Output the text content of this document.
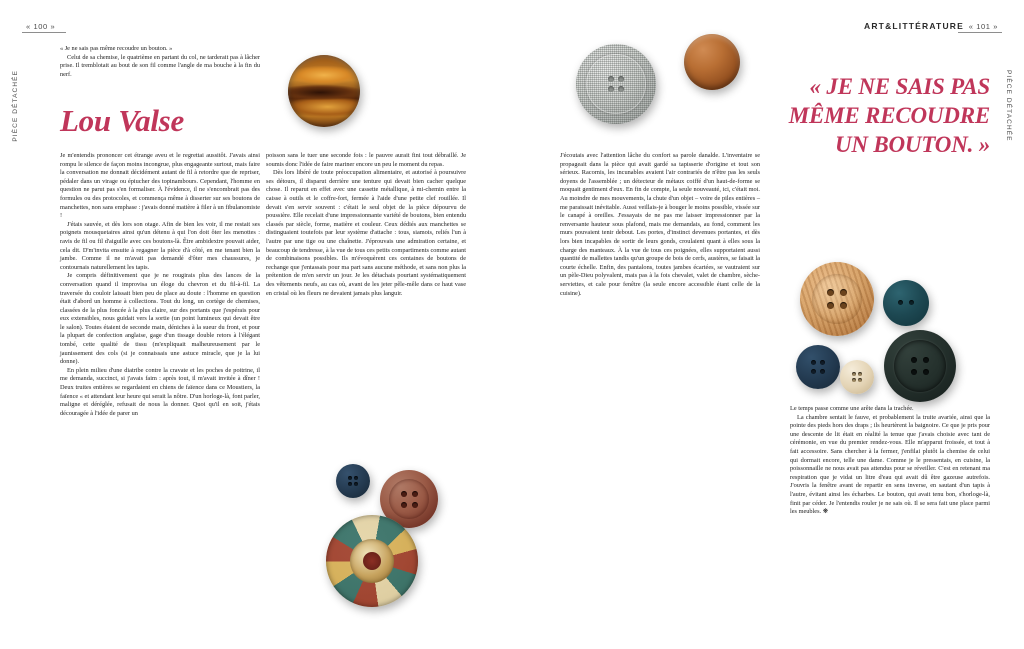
« 100 »
PIÈCE DÉTACHÉE
« 101 »
ART&LITTÉRATURE
PIÈCE DÉTACHÉE

« Je ne sais pas même recoudre un bouton. »

Celui de sa chemise, le quatrième en partant du col, ne tarderait pas à lâcher prise. Il tremblotait au bout de son fil comme l'angle de ma bouche à la fin du nerf.

Lou Valse

Je m'entendis prononcer cet étrange aveu et le regrettai aussitôt. J'avais ainsi rompu le silence de façon moins incongrue, plus engageante surtout, mais faire la conversation me donnait décidément autant de fil à retordre que de repriser, pédaler dans un virage ou épiucher des topinambours. Cependant, l'homme en question ne parut pas s'en formaliser. À l'évidence, il ne s'encombrait pas des formules ou des protocoles, et commença même à disserter sur ses boutons de manchettes, non sans emphase : j'avais donné matière à filer à un fibulanomiste !

J'étais sauvée, et dès lors son otage. Afin de bien les voir, il me restait ses poignets mousquetaires ainsi qu'un détenu à qui l'on doit ôter les menottes : ravis de fil ou fil d'aiguille avec ces boutons-là. Être ambidextre pouvait aider, cela dit. D'm'invita ensuite à regagner la pièce d'à côté, en me tenant bien la jambe. Comme il ne m'avait pas demandé d'ôter mes chaussures, je contournais naturellement les tapis.

Je compris définitivement que je ne rougirais plus des lances de la conversation quand il improvisa un éloge du chevron et du fil-à-fil. La traversée du couloir laissait bien peu de place au doute : l'homme en question était d'abord un homme à collections. Tout du long, un cortège de chemises, classées de la plus foncée à la plus claire, sur des portants que j'espérais pour eux extensibles, nous guidait vers la sortie (un point lumineux qui devait être le salon). Toutes étaient de seconde main, déniches à la sueur du front, et pour la plupart de confection anglaise, gage d'un tissage double retors à l'élégant tombé, cette qualité de tissu (m'expliquait malheureusement par le jaunissement des cols (si je connaissais une astuce miracle, que je la lui donne).

En plein milieu d'une diatribe contre la cravate et les poches de poitrine, il me demanda, succinct, si j'avais faim : après tout, il m'avait invitée à dîner ! Deux truites entières se regardaient en chiens de faïence dans ce Moustiers, la faïence « et attendant leur heure qui serait la nôtre. D'un horloge-là, font parler, maligne et déréglée, refusait de nous la donner. Quoi qu'il en soit, j'étais découragée à l'idée de parer un

poisson sans le tuer une seconde fois : le pauvre aurait fini tout débraillé. Je soumis donc l'idée de faire mariner encore un peu le moment du repas.

Dès lors libéré de toute préoccupation alimentaire, et autorisé à poursuivre ses détours, il disparut derrière une tenture qui devait bien cacher quelque chose. Il reparut en effet avec une cassette métallique, à mi-chemin entre la caisse à outils et le coffre-fort, fermée à l'aide d'une petite clef rouillée. Il devait s'en servir souvent : c'était le seul objet de la pièce dépourvu de poussière. Elle recelait d'une impressionnante variété de boutons, bien entendu classés par siècle, forme, matière et couleur. Ceux dédiés aux manchettes se distinguaient toutefois par leur système d'attache : tous, siamois, reliés l'un à l'autre par une tige ou une chaînette. J'éprouvais une admiration certaine, et beaucoup de tendresse, à la vue de tous ces petits compartiments comme autant de combinaisons possibles. Ils m'évoquèrent ces centaines de boutons de rechange que j'entassais pour ma part sans aucune méthode, et sans non plus la prétention de m'en servir un jour. Je les détachais pourtant systématiquement des vêtements neufs, au cas où, avant de les jeter pêle-mêle dans ce haut vase en cristal où les fleurs ne devaient jamais plus languir.

J'écoutais avec l'attention lâche du confort sa parole danalde. L'inventaire se propageait dans la pièce qui avait gardé sa tapisserie d'origine et tout son sérieux. Racornis, les incunables avaient l'air contrariés de n'être pas les seuls doyens de l'assemblée ; un détecteur de métaux coiffé d'un haut-de-forme se moquait gentiment d'eux. En fin de compte, la seule nouveauté, ici, c'était moi. Au moindre de mes mouvements, la chute d'un objet – voire de piles entières – me paraissait inévitable. Aussi veillais-je à bouger le moins possible, vissée sur le canapé à oreilles. J'essayais de ne pas me laisser impressionner par la renversante hauteur sous plafond, mais me demandais, au fond, comment les murs pouvaient tenir debout. Les portes, d'instinct devenues portantes, et dès lors bien incapables de sortir de leurs gonds, croulaient quant à elles sous la charge des manteaux. À la vue de tous ces poignées, elles supportaient aussi quantité de mallettes tandis qu'un groupe de bois de cerfs, austères, se faisait la courte échelle. Enfin, des pantalons, toutes jambes écartées, se vautraient sur un pèle-Dieu polyvalent, mais pas à la fois chevalet, valet de chambre, sèche-serviettes, et cale pour fenêtre (la seule encore accessible étant celle de la cuisine).

« JE NE SAIS PAS MÊME RECOUDRE UN BOUTON. »

Le temps passe comme une arête dans la trachée.

La chambre sentait le fauve, et probablement la truite avariée, ainsi que la pointe des pieds hors des draps ; ils heurtèrent la baignoire. Ce que je pris pour une descente de lit était en réalité la tenue que j'avais choisie avec tant de cérémonie, en vue du premier rendez-vous. Elle m'apparut froissée, et tout à fait accessoire. Sans chercher à la fermer, j'enfilai plutôt la chemise de celui qui dormait encore, telle une dame. Comme je le pressentais, en cuisine, la poissonnaille ne nous avait pas attendus pour se réveiller. C'est en retenant ma respiration que je vidai un litre d'eau qui avait dû être gazeuse autrefois. J'ouvris la fenêtre avant de repartir en sens inverse, en sautant d'un tapis à l'autre, évitant ainsi les écharbes. Le bouton, qui avait tenu bon, s'horloge-là, finit par céder. Je l'entendis rouler je ne sais où. Il se sera fait une place parmi les meubles. ❋
